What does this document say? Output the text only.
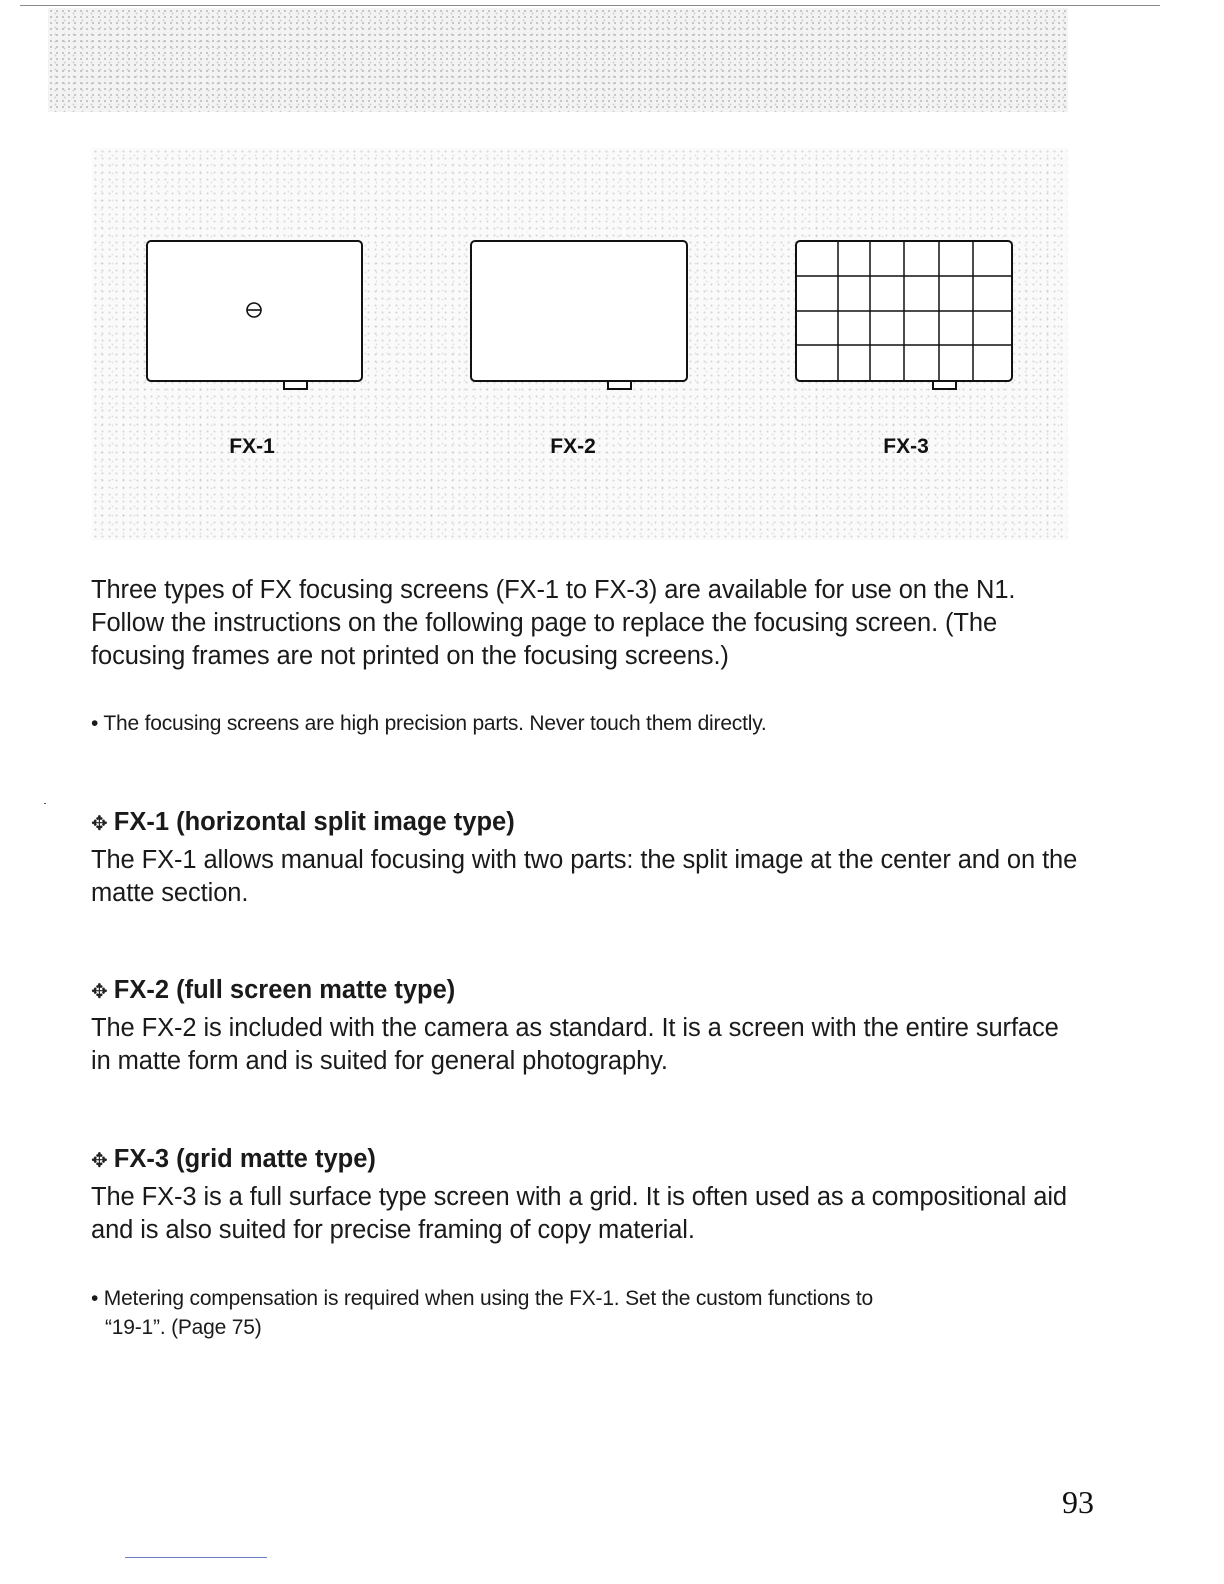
FX-1	FX-2	FX-3

Three types of FX focusing screens (FX-1 to FX-3) are available for use on the N1. Follow the instructions on the following page to replace the focusing screen. (The focusing frames are not printed on the focusing screens.)

• The focusing screens are high precision parts. Never touch them directly.

✥ FX-1 (horizontal split image type)

The FX-1 allows manual focusing with two parts: the split image at the center and on the matte section.

✥ FX-2 (full screen matte type)

The FX-2 is included with the camera as standard. It is a screen with the entire surface in matte form and is suited for general photography.

✥ FX-3 (grid matte type)

The FX-3 is a full surface type screen with a grid. It is often used as a compositional aid and is also suited for precise framing of copy material.

• Metering compensation is required when using the FX-1. Set the custom functions to

“19-1”. (Page 75)

93
